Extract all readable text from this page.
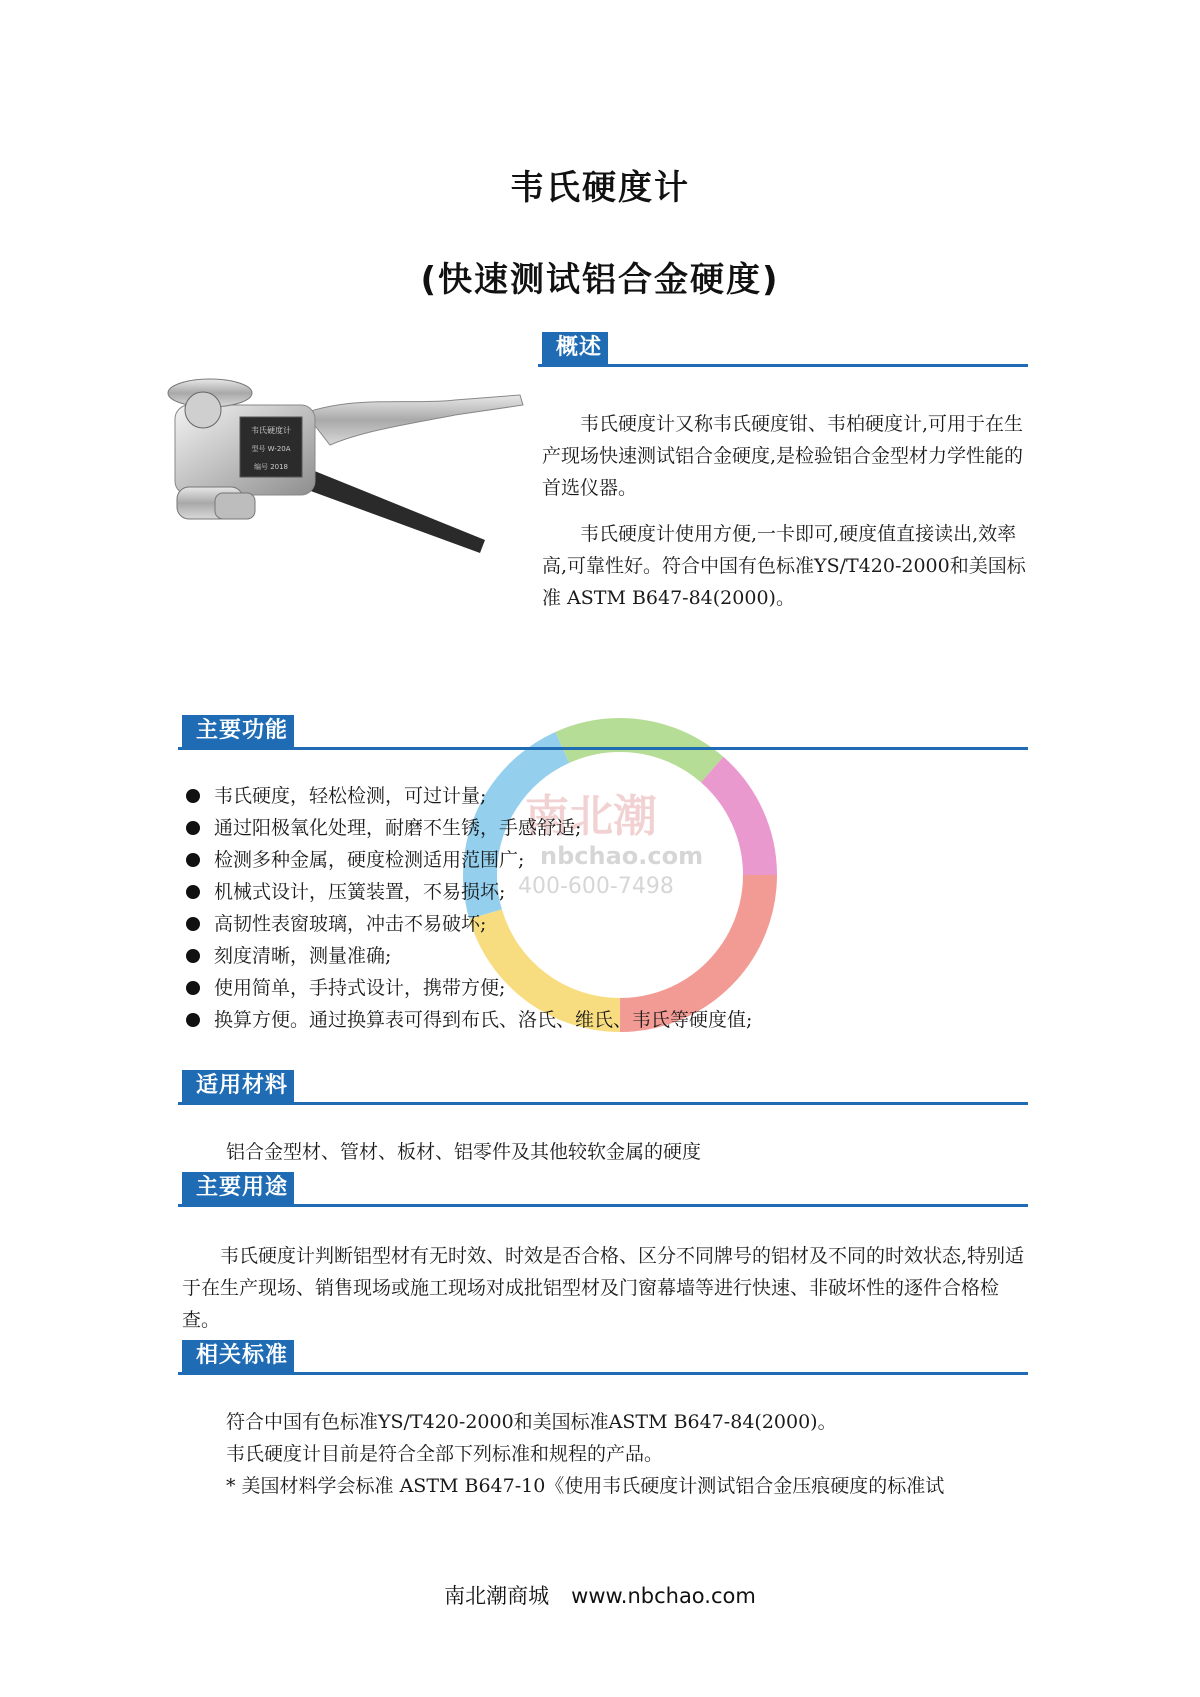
韦氏硬度计
(快速测试铝合金硬度)
概述
韦氏硬度计
型号 W-20A
编号 2018

韦氏硬度计又称韦氏硬度钳、韦柏硬度计,可用于在生产现场快速测试铝合金硬度,是检验铝合金型材力学性能的首选仪器。

韦氏硬度计使用方便,一卡即可,硬度值直接读出,效率高,可靠性好。符合中国有色标准YS/T420-2000和美国标准 ASTM B647-84(2000)。

南北潮
nbchao.com
400-600-7498
主要功能
韦氏硬度，轻松检测，可过计量;
通过阳极氧化处理，耐磨不生锈，手感舒适;
检测多种金属，硬度检测适用范围广;
机械式设计，压簧装置，不易损坏;
高韧性表窗玻璃，冲击不易破坏;
刻度清晰，测量准确;
使用简单，手持式设计，携带方便;
换算方便。通过换算表可得到布氏、洛氏、维氏、韦氏等硬度值;
适用材料

铝合金型材、管材、板材、铝零件及其他较软金属的硬度

主要用途

韦氏硬度计判断铝型材有无时效、时效是否合格、区分不同牌号的铝材及不同的时效状态,特别适于在生产现场、销售现场或施工现场对成批铝型材及门窗幕墙等进行快速、非破坏性的逐件合格检查。

相关标准

符合中国有色标准YS/T420-2000和美国标准ASTM B647-84(2000)。

韦氏硬度计目前是符合全部下列标准和规程的产品。

* 美国材料学会标准 ASTM B647-10《使用韦氏硬度计测试铝合金压痕硬度的标准试

南北潮商城 www.nbchao.com
